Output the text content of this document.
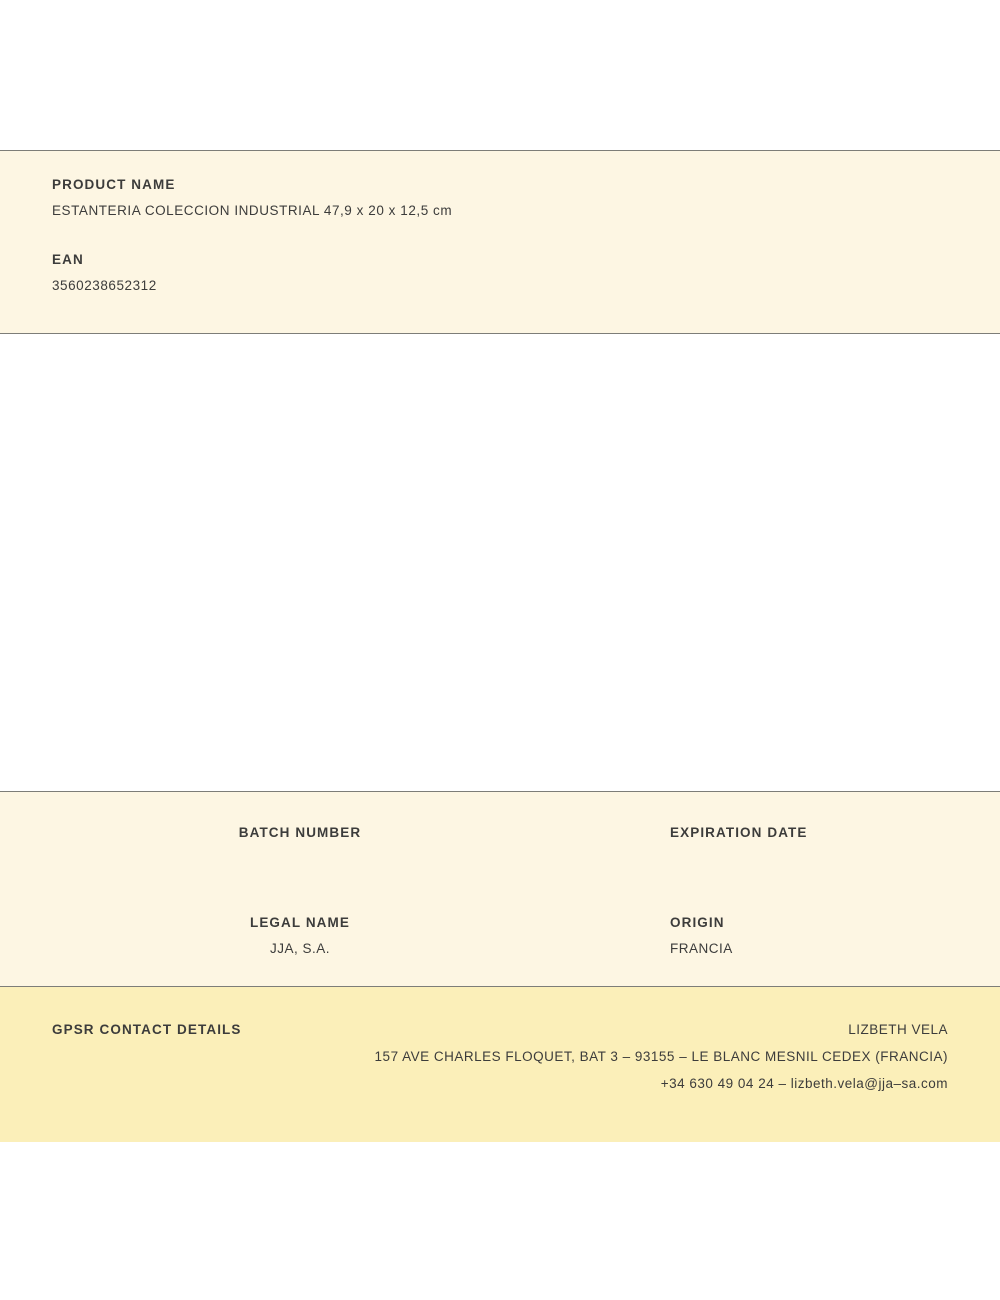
PRODUCT NAME

ESTANTERIA COLECCION INDUSTRIAL 47,9 x 20 x 12,5 cm

EAN

3560238652312

BATCH NUMBER	EXPIRATION DATE

LEGAL NAME

JJA, S.A.

ORIGIN

FRANCIA

GPSR CONTACT DETAILS	LIZBETH VELA

157 AVE CHARLES FLOQUET, BAT 3 – 93155 – LE BLANC MESNIL CEDEX (FRANCIA)

+34 630 49 04 24 – lizbeth.vela@jja–sa.com
